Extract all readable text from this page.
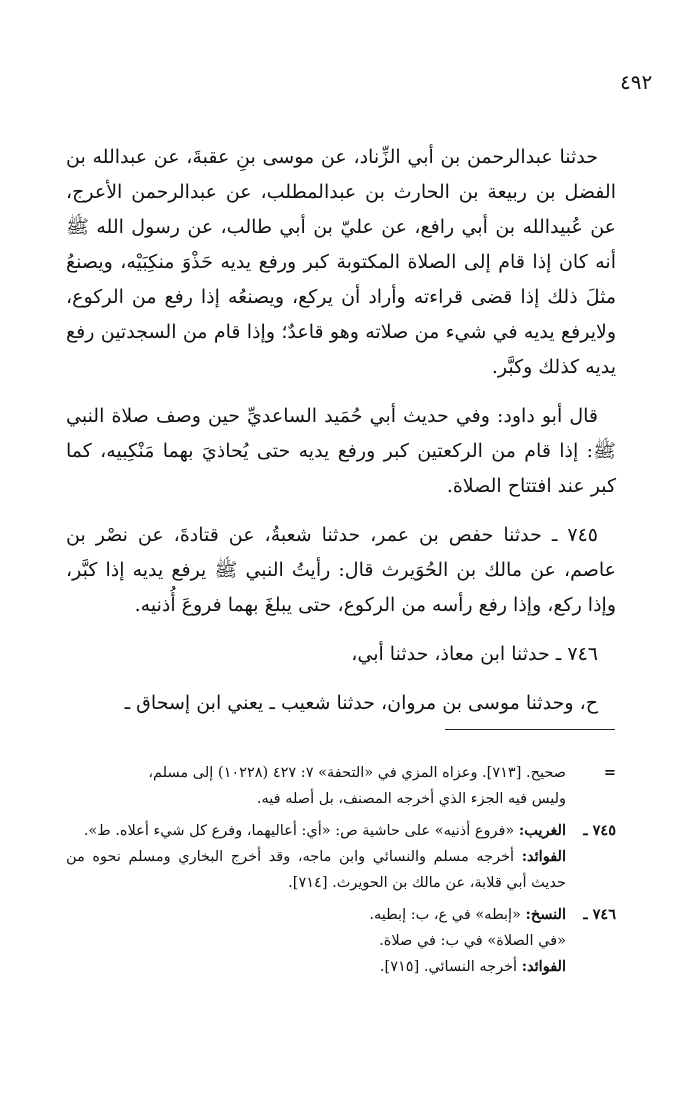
٤٩٢

حدثنا عبدالرحمن بن أبي الزِّناد، عن موسى بنِ عقبةَ، عن عبدالله بن الفضل بن ربيعة بن الحارث بن عبدالمطلب، عن عبدالرحمن الأعرج، عن عُبيدالله بن أبي رافع، عن عليّ بن أبي طالب، عن رسول الله ﷺ أنه كان إذا قام إلى الصلاة المكتوبة كبر ورفع يديه حَذْوَ منكِبَيْه، ويصنعُ مثلَ ذلك إذا قضى قراءته وأراد أن يركع، ويصنعُه إذا رفع من الركوع، ولايرفع يديه في شيء من صلاته وهو قاعدٌ؛ وإذا قام من السجدتين رفع يديه كذلك وكبَّر.

قال أبو داود: وفي حديث أبي حُمَيد الساعديِّ حين وصف صلاة النبي ﷺ: إذا قام من الركعتين كبر ورفع يديه حتى يُحاذيَ بهما مَنْكِبيه، كما كبر عند افتتاح الصلاة.

٧٤٥ ـ حدثنا حفص بن عمر، حدثنا شعبةُ، عن قتادةَ، عن نصْر بن عاصم، عن مالك بن الحُوَيرث قال: رأيتُ النبي ﷺ يرفع يديه إذا كبَّر، وإذا ركع، وإذا رفع رأسه من الركوع، حتى يبلغَ بهما فروعَ أُذنيه.

٧٤٦ ـ حدثنا ابن معاذ، حدثنا أبي،

ح، وحدثنا موسى بن مروان، حدثنا شعيب ـ يعني ابن إسحاق ـ

=
صحيح. [٧١٣]. وعزاه المزي في «التحفة» ٧: ٤٢٧ (١٠٢٢٨) إلى مسلم،
وليس فيه الجزء الذي أخرجه المصنف، بل أصله فيه.
٧٤٥ ـ
الغريب: «فروع أذنيه» على حاشية ص: «أي: أعاليهما، وفرع كل شيء أعلاه. ط».
الفوائد: أخرجه مسلم والنسائي وابن ماجه، وقد أخرج البخاري ومسلم نحوه من حديث أبي قلابة، عن مالك بن الحويرث. [٧١٤].
٧٤٦ ـ
النسخ: «إبطه» في ع، ب: إبطيه.
«في الصلاة» في ب: في صلاة.
الفوائد: أخرجه النسائي. [٧١٥].
